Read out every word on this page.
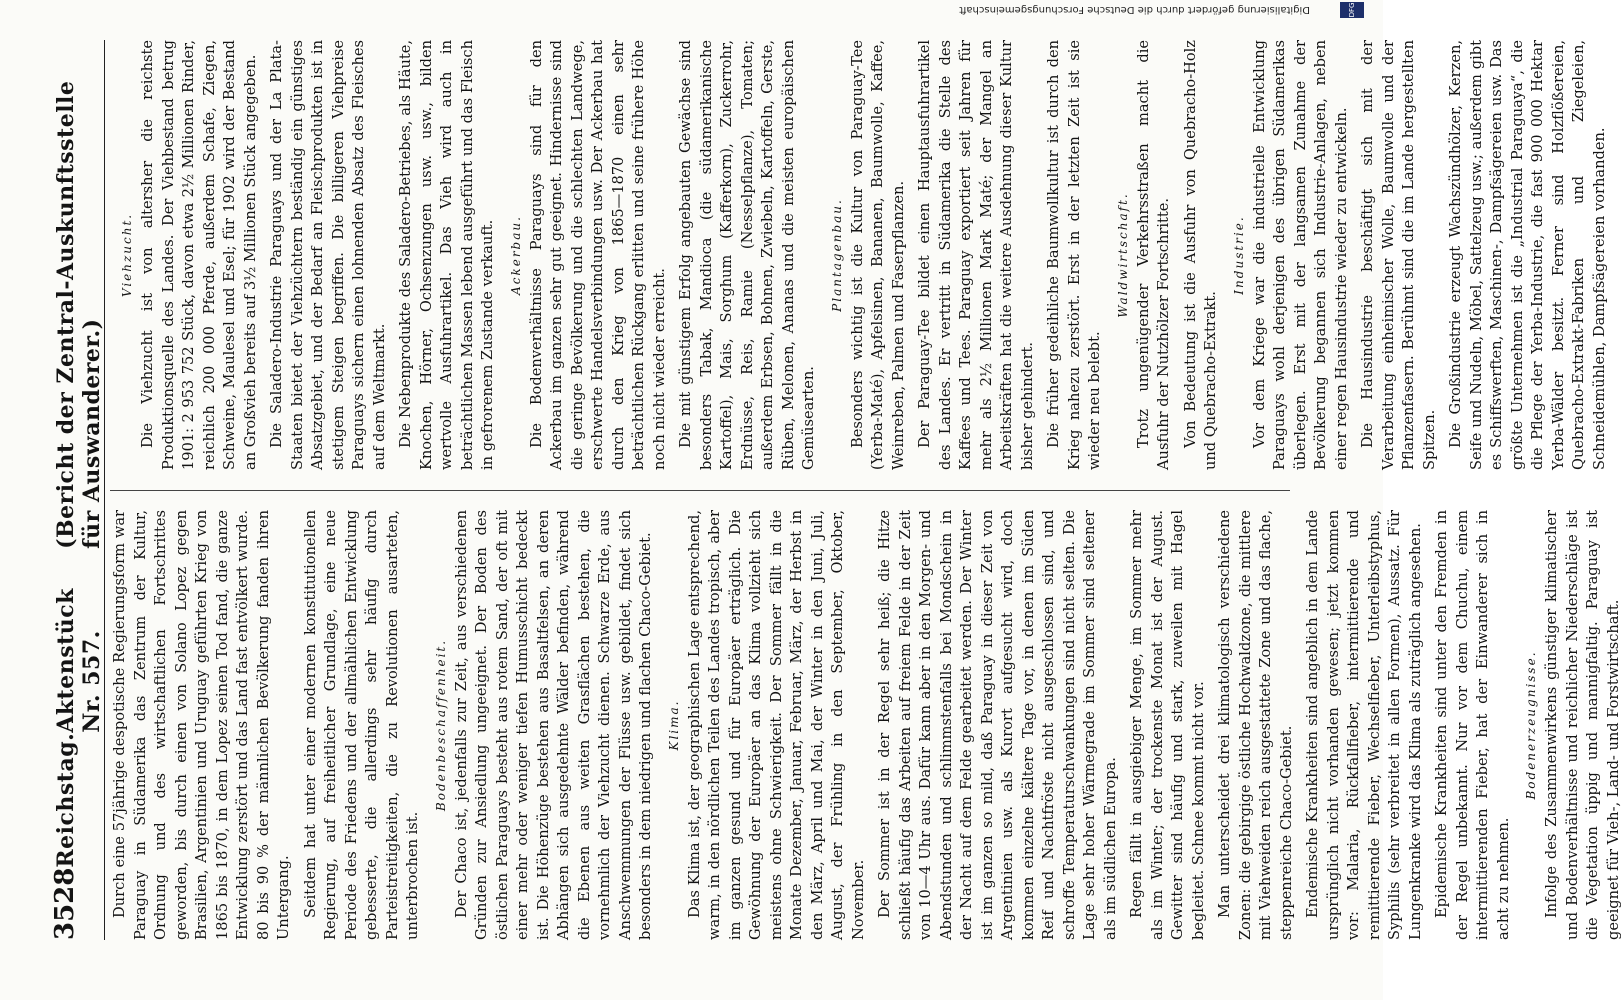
3528
Reichstag.
Aktenstück Nr. 557.
(Bericht der Zentral-Auskunftsstelle für Auswanderer.)

Durch eine 57jährige despotische Regierungsform war Paraguay in Südamerika das Zentrum der Kultur, Ordnung und des wirtschaftlichen Fortschrittes geworden, bis durch einen von Solano Lopez gegen Brasilien, Argentinien und Uruguay geführten Krieg von 1865 bis 1870, in dem Lopez seinen Tod fand, die ganze Entwicklung zerstört und das Land fast entvölkert wurde. 80 bis 90 % der männlichen Bevölkerung fanden ihren Untergang. Seitdem hat unter einer modernen konstitutionellen Regierung, auf freiheitlicher Grundlage, eine neue Periode des Friedens und der allmählichen Entwicklung gebesserte, die allerdings sehr häufig durch Parteistreitigkeiten, die zu Revolutionen ausarteten, unterbrochen ist.

Bodenbeschaffenheit. Der Chaco ist, jedenfalls zur Zeit, aus verschiedenen Gründen zur Ansiedlung ungeeignet. Der Boden des östlichen Paraguays besteht aus rotem Sand, der oft mit einer mehr oder weniger tiefen Humusschicht bedeckt ist. Die Höhenzüge bestehen aus Basaltfelsen, an deren Abhängen sich ausgedehnte Wälder befinden, während die Ebenen aus weiten Grasflächen bestehen, die vornehmlich der Viehzucht dienen. Schwarze Erde, aus Anschwemmungen der Flüsse usw. gebildet, findet sich besonders in dem niedrigen und flachen Chaco-Gebiet. Klima. Das Klima ist, der geographischen Lage entsprechend, warm, in den nördlichen Teilen des Landes tropisch, aber im ganzen gesund und für Europäer erträglich. Die Gewöhnung der Europäer an das Klima vollzieht sich meistens ohne Schwierigkeit. Der Sommer fällt in die Monate Dezember, Januar, Februar, März, der Herbst in den März, April und Mai, der Winter in den Juni, Juli, August, der Frühling in den September, Oktober, November. Der Sommer ist in der Regel sehr heiß; die Hitze schließt häufig das Arbeiten auf freiem Felde in der Zeit von 10—4 Uhr aus. Dafür kann aber in den Morgen- und Abendstunden und schlimmstenfalls bei Mondschein in der Nacht auf dem Felde gearbeitet werden. Der Winter ist im ganzen so mild, daß Paraguay in dieser Zeit von Argentinien usw. als Kurort aufgesucht wird, doch kommen einzelne kältere Tage vor, in denen im Süden Reif und Nachtfröste nicht ausgeschlossen sind, und schroffe Temperaturschwankungen sind nicht selten. Die Lage sehr hoher Wärmegrade im Sommer sind seltener als im südlichen Europa. Regen fällt in ausgiebiger Menge, im Sommer mehr als im Winter; der trockenste Monat ist der August. Gewitter sind häufig und stark, zuweilen mit Hagel begleitet. Schnee kommt nicht vor. Man unterscheidet drei klimatologisch verschiedene Zonen: die gebirgige östliche Hochwaldzone, die mittlere mit Viehweiden reich ausgestattete Zone und das flache, steppenreiche Chaco-Gebiet. Endemische Krankheiten sind angeblich in dem Lande ursprünglich nicht vorhanden gewesen; jetzt kommen vor: Malaria, Rückfallfieber, intermittierende und remittierende Fieber, Wechselfieber, Unterleibstyphus, Syphilis (sehr verbreitet in allen Formen), Aussatz. Für Lungenkranke wird das Klima als zuträglich angesehen. Epidemische Krankheiten sind unter den Fremden in der Regel unbekannt. Nur vor dem Chuchu, einem intermittierenden Fieber, hat der Einwanderer sich in acht zu nehmen.

Bodenerzeugnisse. Infolge des Zusammenwirkens günstiger klimatischer und Bodenverhältnisse und reichlicher Niederschläge ist die Vegetation üppig und mannigfaltig. Paraguay ist geeignet für Vieh-, Land- und Forstwirtschaft.

Viehzucht. Die Viehzucht ist von altersher die reichste Produktionsquelle des Landes. Der Viehbestand betrug 1901: 2 953 752 Stück, davon etwa 2½ Millionen Rinder, reichlich 200 000 Pferde, außerdem Schafe, Ziegen, Schweine, Maulesel und Esel; für 1902 wird der Bestand an Großvieh bereits auf 3½ Millionen Stück angegeben. Die Saladero-Industrie Paraguays und der La Plata-Staaten bietet der Viehzüchtern beständig ein günstiges Absatzgebiet, und der Bedarf an Fleischprodukten ist in stetigem Steigen begriffen. Die billigeren Viehpreise Paraguays sichern einen lohnenden Absatz des Fleisches auf dem Weltmarkt. Die Nebenprodukte des Saladero-Betriebes, als Häute, Knochen, Hörner, Ochsenzungen usw. usw., bilden wertvolle Ausfuhrartikel. Das Vieh wird auch in beträchtlichen Massen lebend ausgeführt und das Fleisch in gefrorenem Zustande verkauft. Ackerbau. Die Bodenverhältnisse Paraguays sind für den Ackerbau im ganzen sehr gut geeignet. Hindernisse sind die geringe Bevölkerung und die schlechten Landwege, erschwerte Handelsverbindungen usw. Der Ackerbau hat durch den Krieg von 1865—1870 einen sehr beträchtlichen Rückgang erlitten und seine frühere Höhe noch nicht wieder erreicht. Die mit günstigem Erfolg angebauten Gewächse sind besonders Tabak, Mandioca (die südamerikanische Kartoffel), Mais, Sorghum (Kafferkorn), Zuckerrohr, Erdnüsse, Reis, Ramie (Nesselpflanze), Tomaten; außerdem Erbsen, Bohnen, Zwiebeln, Kartoffeln, Gerste, Rüben, Melonen, Ananas und die meisten europäischen Gemüsearten.

Plantagenbau. Besonders wichtig ist die Kultur von Paraguay-Tee (Yerba-Maté), Apfelsinen, Bananen, Baumwolle, Kaffee, Weinreben, Palmen und Faserpflanzen. Der Paraguay-Tee bildet einen Hauptausfuhrartikel des Landes. Er vertritt in Südamerika die Stelle des Kaffees und Tees. Paraguay exportiert seit Jahren für mehr als 2½ Millionen Mark Maté; der Mangel an Arbeitskräften hat die weitere Ausdehnung dieser Kultur bisher gehindert. Die früher gedeihliche Baumwollkultur ist durch den Krieg nahezu zerstört. Erst in der letzten Zeit ist sie wieder neu belebt.

Waldwirtschaft. Trotz ungenügender Verkehrsstraßen macht die Ausfuhr der Nutzhölzer Fortschritte. Von Bedeutung ist die Ausfuhr von Quebracho-Holz und Quebracho-Extrakt.

Industrie. Vor dem Kriege war die industrielle Entwicklung Paraguays wohl derjenigen des übrigen Südamerikas überlegen. Erst mit der langsamen Zunahme der Bevölkerung begannen sich Industrie-Anlagen, neben einer regen Hausindustrie wieder zu entwickeln. Die Hausindustrie beschäftigt sich mit der Verarbeitung einheimischer Wolle, Baumwolle und der Pflanzenfasern. Berühmt sind die im Lande hergestellten Spitzen. Die Großindustrie erzeugt Wachszündhölzer, Kerzen, Seife und Nudeln, Möbel, Sattelzeug usw.; außerdem gibt es Schiffswerften, Maschinen-, Dampfsägereien usw. Das größte Unternehmen ist die „Industrial Paraguaya“, die die Pflege der Yerba-Industrie, die fast 900 000 Hektar Yerba-Wälder besitzt. Ferner sind Holzflößereien, Quebracho-Extrakt-Fabriken und Ziegeleien, Schneidemühlen, Dampfsägereien vorhanden.

Digitalisierung gefördert durch die Deutsche Forschungsgemeinschaft	DFG
